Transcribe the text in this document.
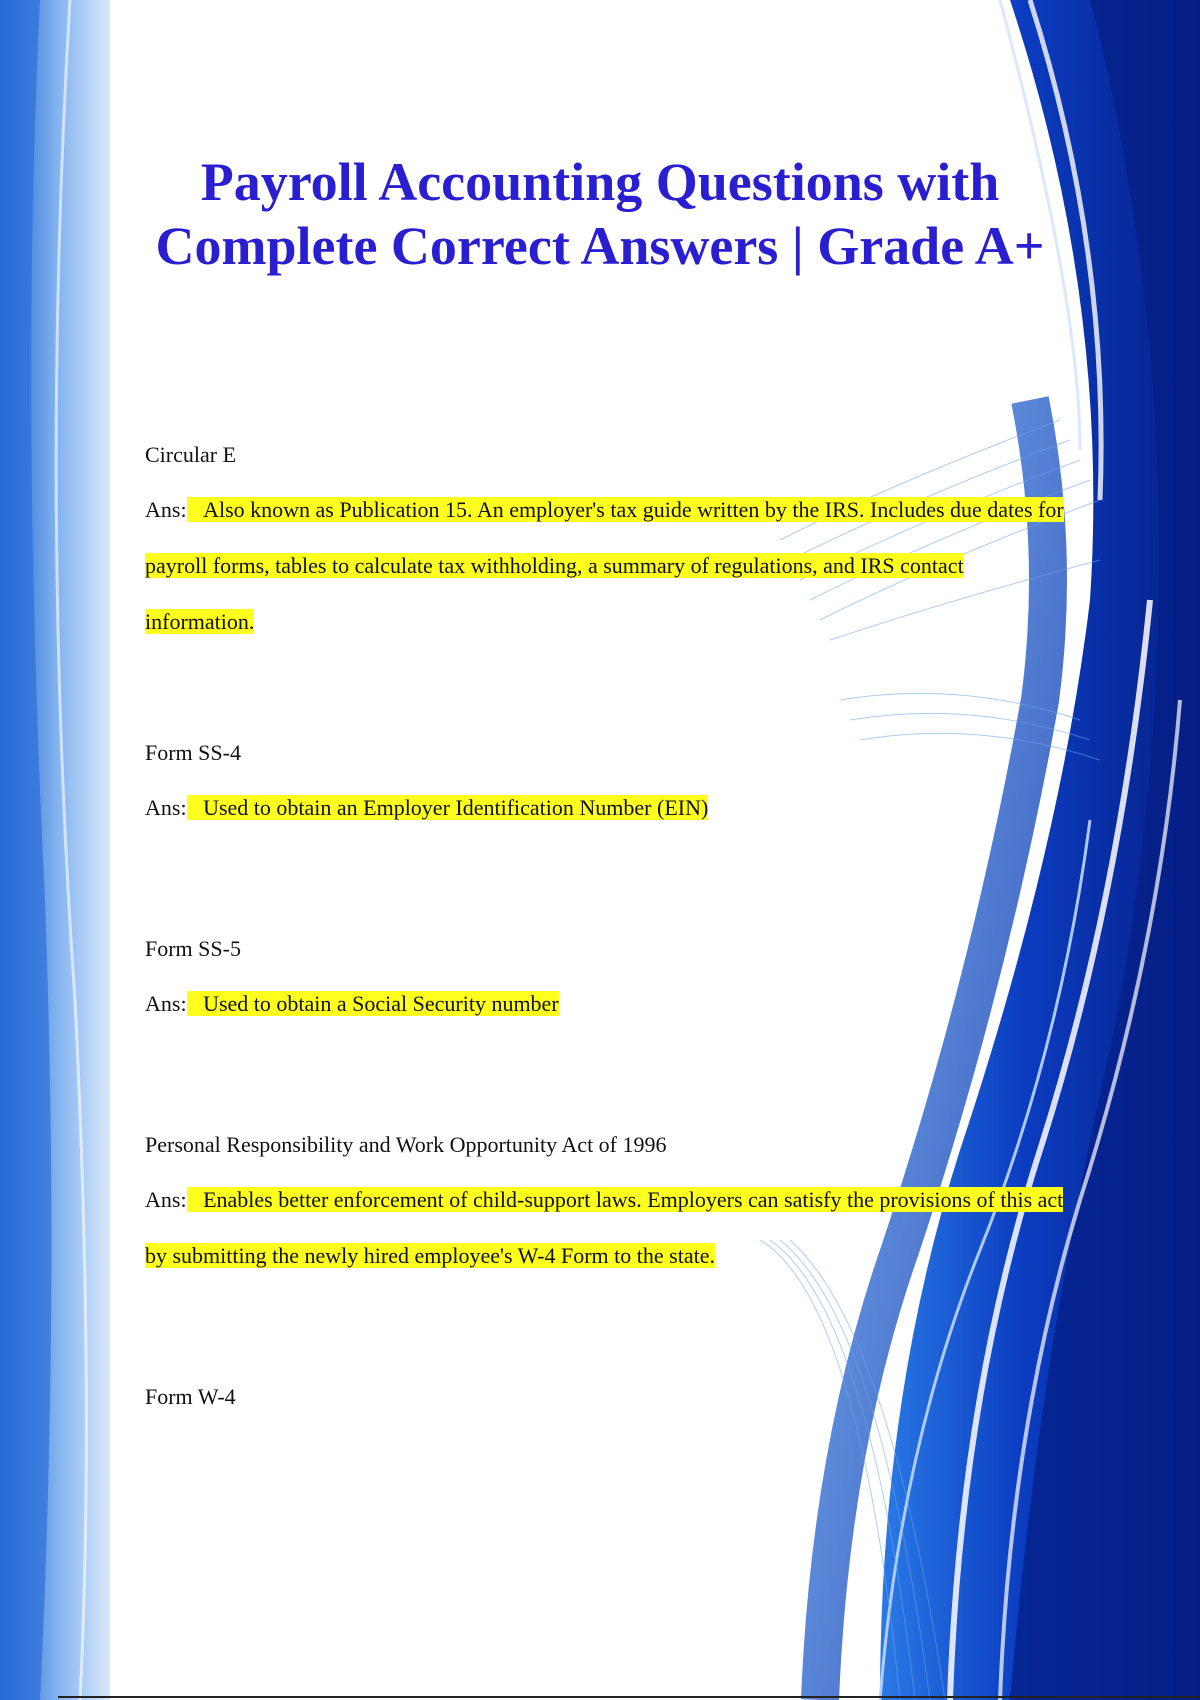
Payroll Accounting Questions with Complete Correct Answers | Grade A+

Circular E

Ans: Also known as Publication 15. An employer's tax guide written by the IRS. Includes due dates for payroll forms, tables to calculate tax withholding, a summary of regulations, and IRS contact information.

Form SS-4

Ans: Used to obtain an Employer Identification Number (EIN)

Form SS-5

Ans: Used to obtain a Social Security number

Personal Responsibility and Work Opportunity Act of 1996

Ans: Enables better enforcement of child-support laws. Employers can satisfy the provisions of this act by submitting the newly hired employee's W-4 Form to the state.

Form W-4
